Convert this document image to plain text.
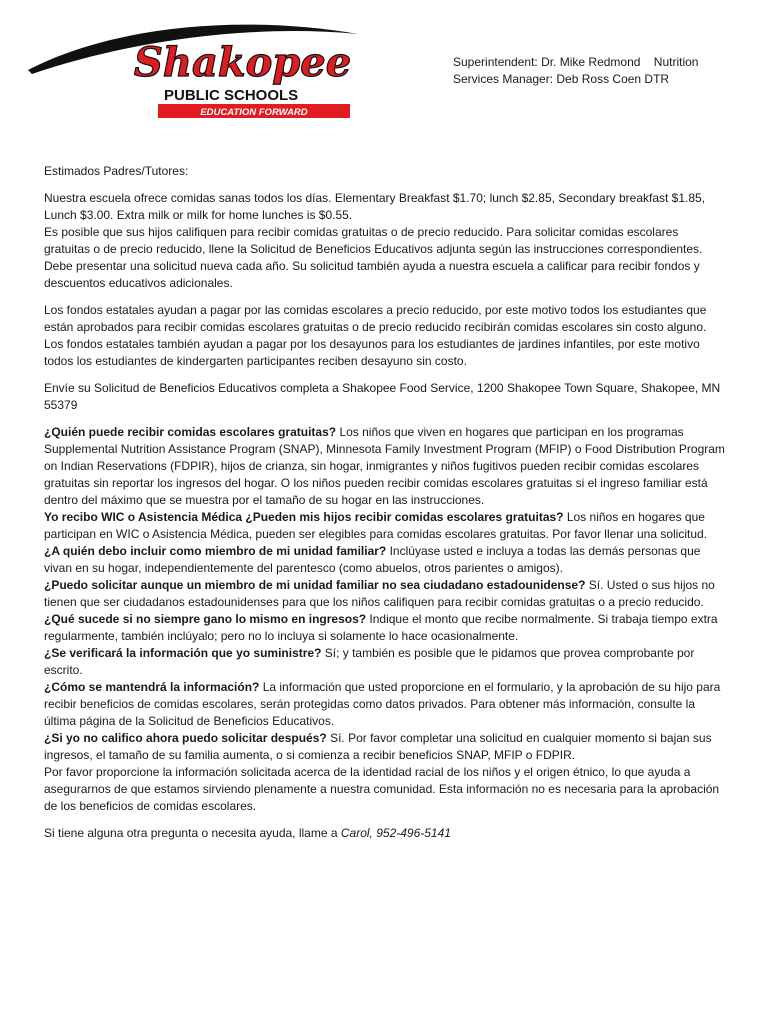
Shakopee
PUBLIC SCHOOLS
EDUCATION FORWARD
Superintendent: Dr. Mike Redmond    Nutrition
Services Manager: Deb Ross Coen DTR

Estimados Padres/Tutores:

Nuestra escuela ofrece comidas sanas todos los días. Elementary Breakfast $1.70; lunch $2.85, Secondary breakfast $1.85, Lunch $3.00. Extra milk or milk for home lunches is $0.55.

Es posible que sus hijos califiquen para recibir comidas gratuitas o de precio reducido. Para solicitar comidas escolares gratuitas o de precio reducido, llene la Solicitud de Beneficios Educativos adjunta según las instrucciones correspondientes. Debe presentar una solicitud nueva cada año. Su solicitud también ayuda a nuestra escuela a calificar para recibir fondos y descuentos educativos adicionales.

Los fondos estatales ayudan a pagar por las comidas escolares a precio reducido, por este motivo todos los estudiantes que están aprobados para recibir comidas escolares gratuitas o de precio reducido recibirán comidas escolares sin costo alguno. Los fondos estatales también ayudan a pagar por los desayunos para los estudiantes de jardines infantiles, por este motivo todos los estudiantes de kindergarten participantes reciben desayuno sin costo.

Envíe su Solicitud de Beneficios Educativos completa a Shakopee Food Service, 1200 Shakopee Town Square, Shakopee, MN 55379

¿Quién puede recibir comidas escolares gratuitas? Los niños que viven en hogares que participan en los programas Supplemental Nutrition Assistance Program (SNAP), Minnesota Family Investment Program (MFIP) o Food Distribution Program on Indian Reservations (FDPIR), hijos de crianza, sin hogar, inmigrantes y niños fugitivos pueden recibir comidas escolares gratuitas sin reportar los ingresos del hogar. O los niños pueden recibir comidas escolares gratuitas si el ingreso familiar está dentro del máximo que se muestra por el tamaño de su hogar en las instrucciones.

Yo recibo WIC o Asistencia Médica ¿Pueden mis hijos recibir comidas escolares gratuitas? Los niños en hogares que participan en WIC o Asistencia Médica, pueden ser elegibles para comidas escolares gratuitas. Por favor llenar una solicitud.

¿A quién debo incluir como miembro de mi unidad familiar? Inclúyase usted e incluya a todas las demás personas que vivan en su hogar, independientemente del parentesco (como abuelos, otros parientes o amigos).

¿Puedo solicitar aunque un miembro de mi unidad familiar no sea ciudadano estadounidense? Sí. Usted o sus hijos no tienen que ser ciudadanos estadounidenses para que los niños califiquen para recibir comidas gratuitas o a precio reducido.

¿Qué sucede si no siempre gano lo mismo en ingresos? Indique el monto que recibe normalmente. Si trabaja tiempo extra regularmente, también inclúyalo; pero no lo incluya si solamente lo hace ocasionalmente.

¿Se verificará la información que yo suministre? Sí; y también es posible que le pidamos que provea comprobante por escrito.

¿Cómo se mantendrá la información? La información que usted proporcione en el formulario, y la aprobación de su hijo para recibir beneficios de comidas escolares, serán protegidas como datos privados. Para obtener más información, consulte la última página de la Solicitud de Beneficios Educativos.

¿Si yo no califico ahora puedo solicitar después? Sí. Por favor completar una solicitud en cualquier momento si bajan sus ingresos, el tamaño de su familia aumenta, o si comienza a recibir beneficios SNAP, MFIP o FDPIR.

Por favor proporcione la información solicitada acerca de la identidad racial de los niños y el origen étnico, lo que ayuda a asegurarnos de que estamos sirviendo plenamente a nuestra comunidad. Esta información no es necesaria para la aprobación de los beneficios de comidas escolares.

Si tiene alguna otra pregunta o necesita ayuda, llame a Carol, 952-496-5141
